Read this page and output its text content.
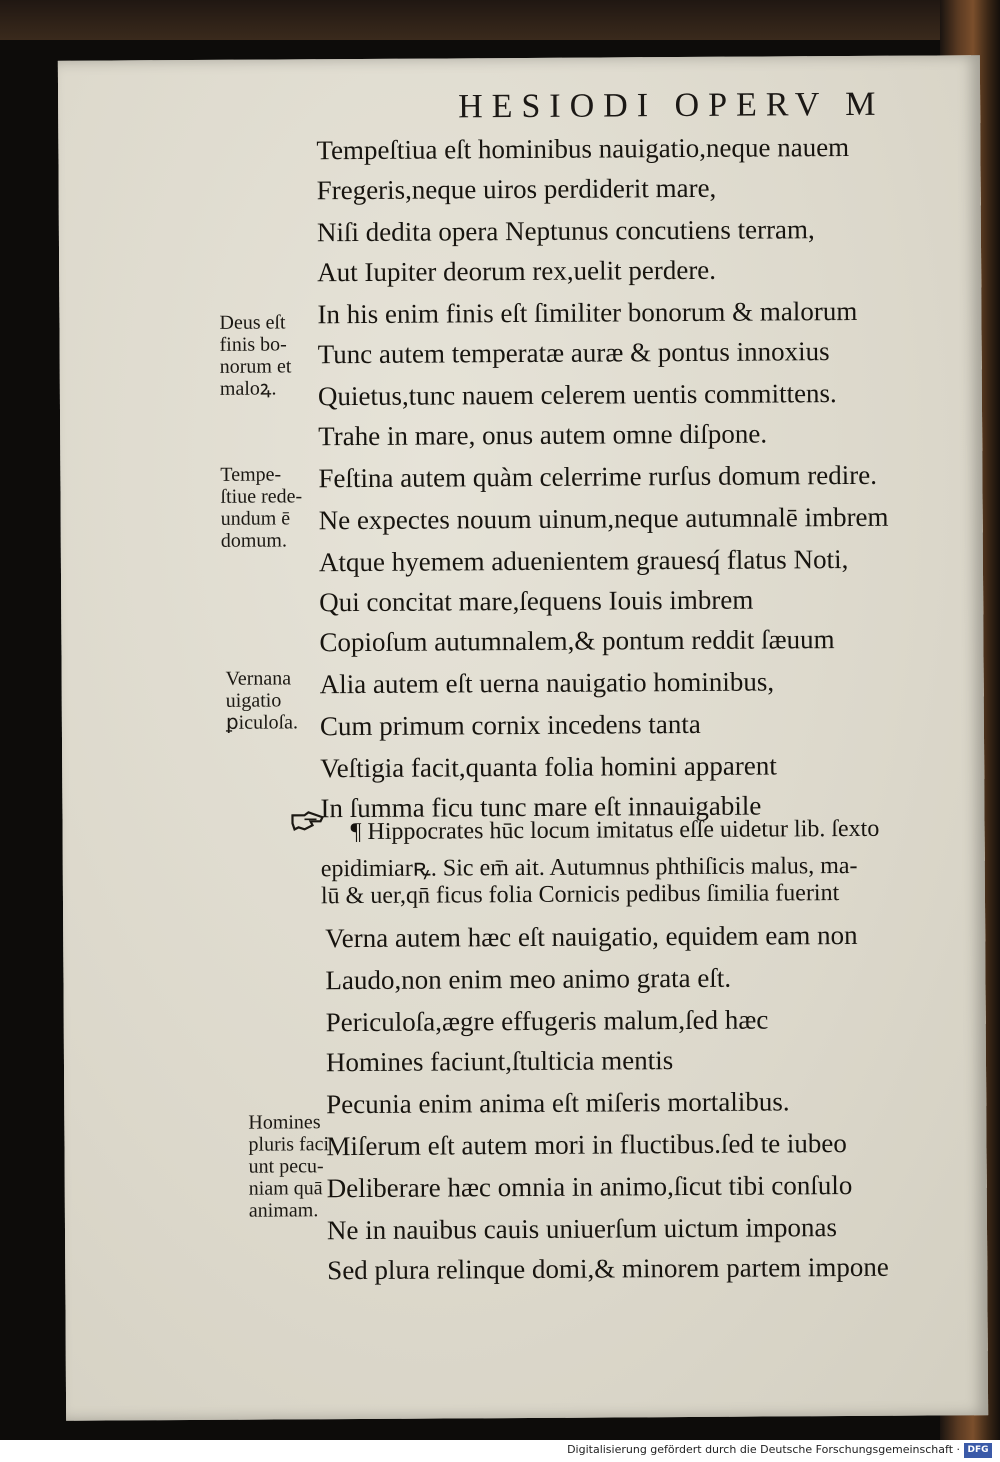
HESIODI OPERV M
Tempeſtiua eſt hominibus nauigatio,neque nauem
Fregeris,neque uiros perdiderit mare,
Niſi dedita opera Neptunus concutiens terram,
Aut Iupiter deorum rex,uelit perdere.
In his enim finis eſt ſimiliter bonorum & malorum
Tunc autem temperatæ auræ & pontus innoxius
Quietus,tunc nauem celerem uentis committens.
Trahe in mare, onus autem omne diſpone.
Feſtina autem quàm celerrime rurſus domum redire.
Ne expectes nouum uinum,neque autumnalē imbrem
Atque hyemem aduenientem grauesq́ flatus Noti,
Qui concitat mare,ſequens Iouis imbrem
Copioſum autumnalem,& pontum reddit ſæuum
Alia autem eſt uerna nauigatio hominibus,
Cum primum cornix incedens tanta
Veſtigia facit,quanta folia homini apparent
In ſumma ficu tunc mare eſt innauigabile
¶ Hippocrates hūc locum imitatus eſſe uidetur lib. ſexto
epidimiarꝶ. Sic em̄ ait. Autumnus phthiſicis malus, ma-
lū & uer,qn̄ ficus folia Cornicis pedibus ſimilia fuerint
Verna autem hæc eſt nauigatio, equidem eam non
Laudo,non enim meo animo grata eſt.
Periculoſa,ægre effugeris malum,ſed hæc
Homines faciunt,ſtulticia mentis
Pecunia enim anima eſt miſeris mortalibus.
Miſerum eſt autem mori in fluctibus.ſed te iubeo
Deliberare hæc omnia in animo,ſicut tibi conſulo
Ne in nauibus cauis uniuerſum uictum imponas
Sed plura relinque domi,& minorem partem impone
Deus eſt
finis bo-
norum et
maloꝝ.
Tempe-
ſtiue rede-
undum ē
domum.
Vernana
uigatio
ꝑiculoſa.
Homines
pluris faci
unt pecu-
niam quā
animam.
Digitalisierung gefördert durch die Deutsche Forschungsgemeinschaft · DFG
